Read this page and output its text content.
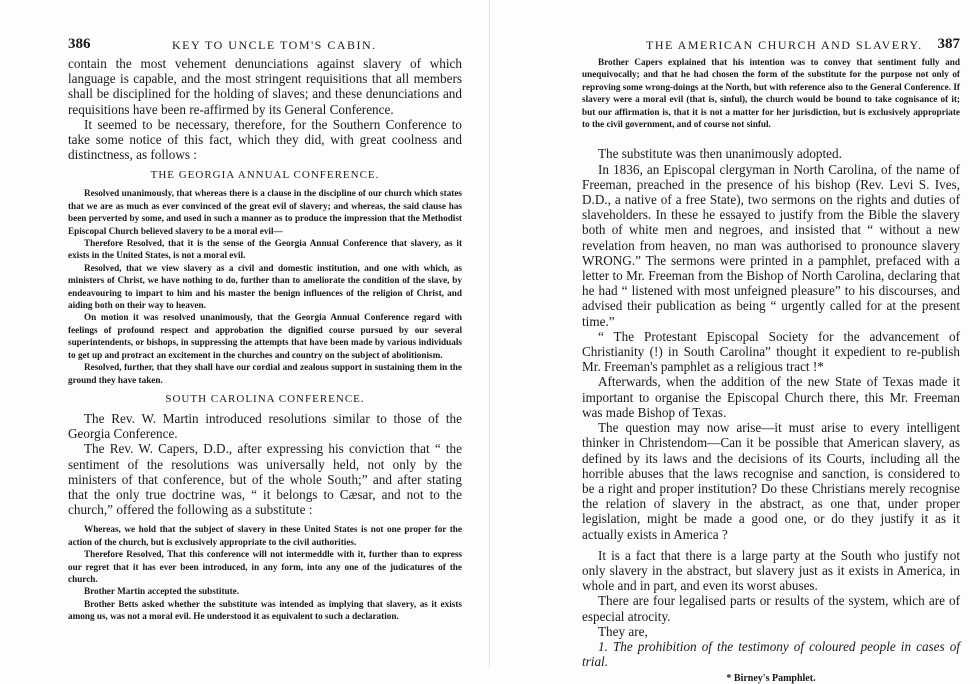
386	KEY TO UNCLE TOM'S CABIN.

contain the most vehement denunciations against slavery of which language is capable, and the most stringent requisitions that all members shall be disciplined for the holding of slaves; and these denunciations and requisitions have been re-affirmed by its General Conference.

It seemed to be necessary, therefore, for the Southern Conference to take some notice of this fact, which they did, with great coolness and distinctness, as follows :

THE GEORGIA ANNUAL CONFERENCE.

Resolved unanimously, that whereas there is a clause in the discipline of our church which states that we are as much as ever convinced of the great evil of slavery; and whereas, the said clause has been perverted by some, and used in such a manner as to produce the impression that the Methodist Episcopal Church believed slavery to be a moral evil—

Therefore Resolved, that it is the sense of the Georgia Annual Conference that slavery, as it exists in the United States, is not a moral evil.

Resolved, that we view slavery as a civil and domestic institution, and one with which, as ministers of Christ, we have nothing to do, further than to ameliorate the condition of the slave, by endeavouring to impart to him and his master the benign influences of the religion of Christ, and aiding both on their way to heaven.

On motion it was resolved unanimously, that the Georgia Annual Conference regard with feelings of profound respect and approbation the dignified course pursued by our several superintendents, or bishops, in suppressing the attempts that have been made by various individuals to get up and protract an excitement in the churches and country on the subject of abolitionism.

Resolved, further, that they shall have our cordial and zealous support in sustaining them in the ground they have taken.

SOUTH CAROLINA CONFERENCE.

The Rev. W. Martin introduced resolutions similar to those of the Georgia Conference.

The Rev. W. Capers, D.D., after expressing his conviction that “ the sentiment of the resolutions was universally held, not only by the ministers of that conference, but of the whole South;” and after stating that the only true doctrine was, “ it belongs to Cæsar, and not to the church,” offered the following as a substitute :

Whereas, we hold that the subject of slavery in these United States is not one proper for the action of the church, but is exclusively appropriate to the civil authorities.

Therefore Resolved, That this conference will not intermeddle with it, further than to express our regret that it has ever been introduced, in any form, into any one of the judicatures of the church.

Brother Martin accepted the substitute.

Brother Betts asked whether the substitute was intended as implying that slavery, as it exists among us, was not a moral evil. He understood it as equivalent to such a declaration.

THE AMERICAN CHURCH AND SLAVERY. 387

Brother Capers explained that his intention was to convey that sentiment fully and unequivocally; and that he had chosen the form of the substitute for the purpose not only of reproving some wrong-doings at the North, but with reference also to the General Conference. If slavery were a moral evil (that is, sinful), the church would be bound to take cognisance of it; but our affirmation is, that it is not a matter for her jurisdiction, but is exclusively appropriate to the civil government, and of course not sinful.

The substitute was then unanimously adopted.

In 1836, an Episcopal clergyman in North Carolina, of the name of Freeman, preached in the presence of his bishop (Rev. Levi S. Ives, D.D., a native of a free State), two sermons on the rights and duties of slaveholders. In these he essayed to justify from the Bible the slavery both of white men and negroes, and insisted that “ without a new revelation from heaven, no man was authorised to pronounce slavery WRONG.” The sermons were printed in a pamphlet, prefaced with a letter to Mr. Freeman from the Bishop of North Carolina, declaring that he had “ listened with most unfeigned pleasure” to his discourses, and advised their publication as being “ urgently called for at the present time.”

“ The Protestant Episcopal Society for the advancement of Christianity (!) in South Carolina” thought it expedient to re-publish Mr. Freeman's pamphlet as a religious tract !*

Afterwards, when the addition of the new State of Texas made it important to organise the Episcopal Church there, this Mr. Freeman was made Bishop of Texas.

The question may now arise—it must arise to every intelligent thinker in Christendom—Can it be possible that American slavery, as defined by its laws and the decisions of its Courts, including all the horrible abuses that the laws recognise and sanction, is considered to be a right and proper institution? Do these Christians merely recognise the relation of slavery in the abstract, as one that, under proper legislation, might be made a good one, or do they justify it as it actually exists in America ?

It is a fact that there is a large party at the South who justify not only slavery in the abstract, but slavery just as it exists in America, in whole and in part, and even its worst abuses.

There are four legalised parts or results of the system, which are of especial atrocity.

They are,

1. The prohibition of the testimony of coloured people in cases of trial.

* Birney's Pamphlet.
